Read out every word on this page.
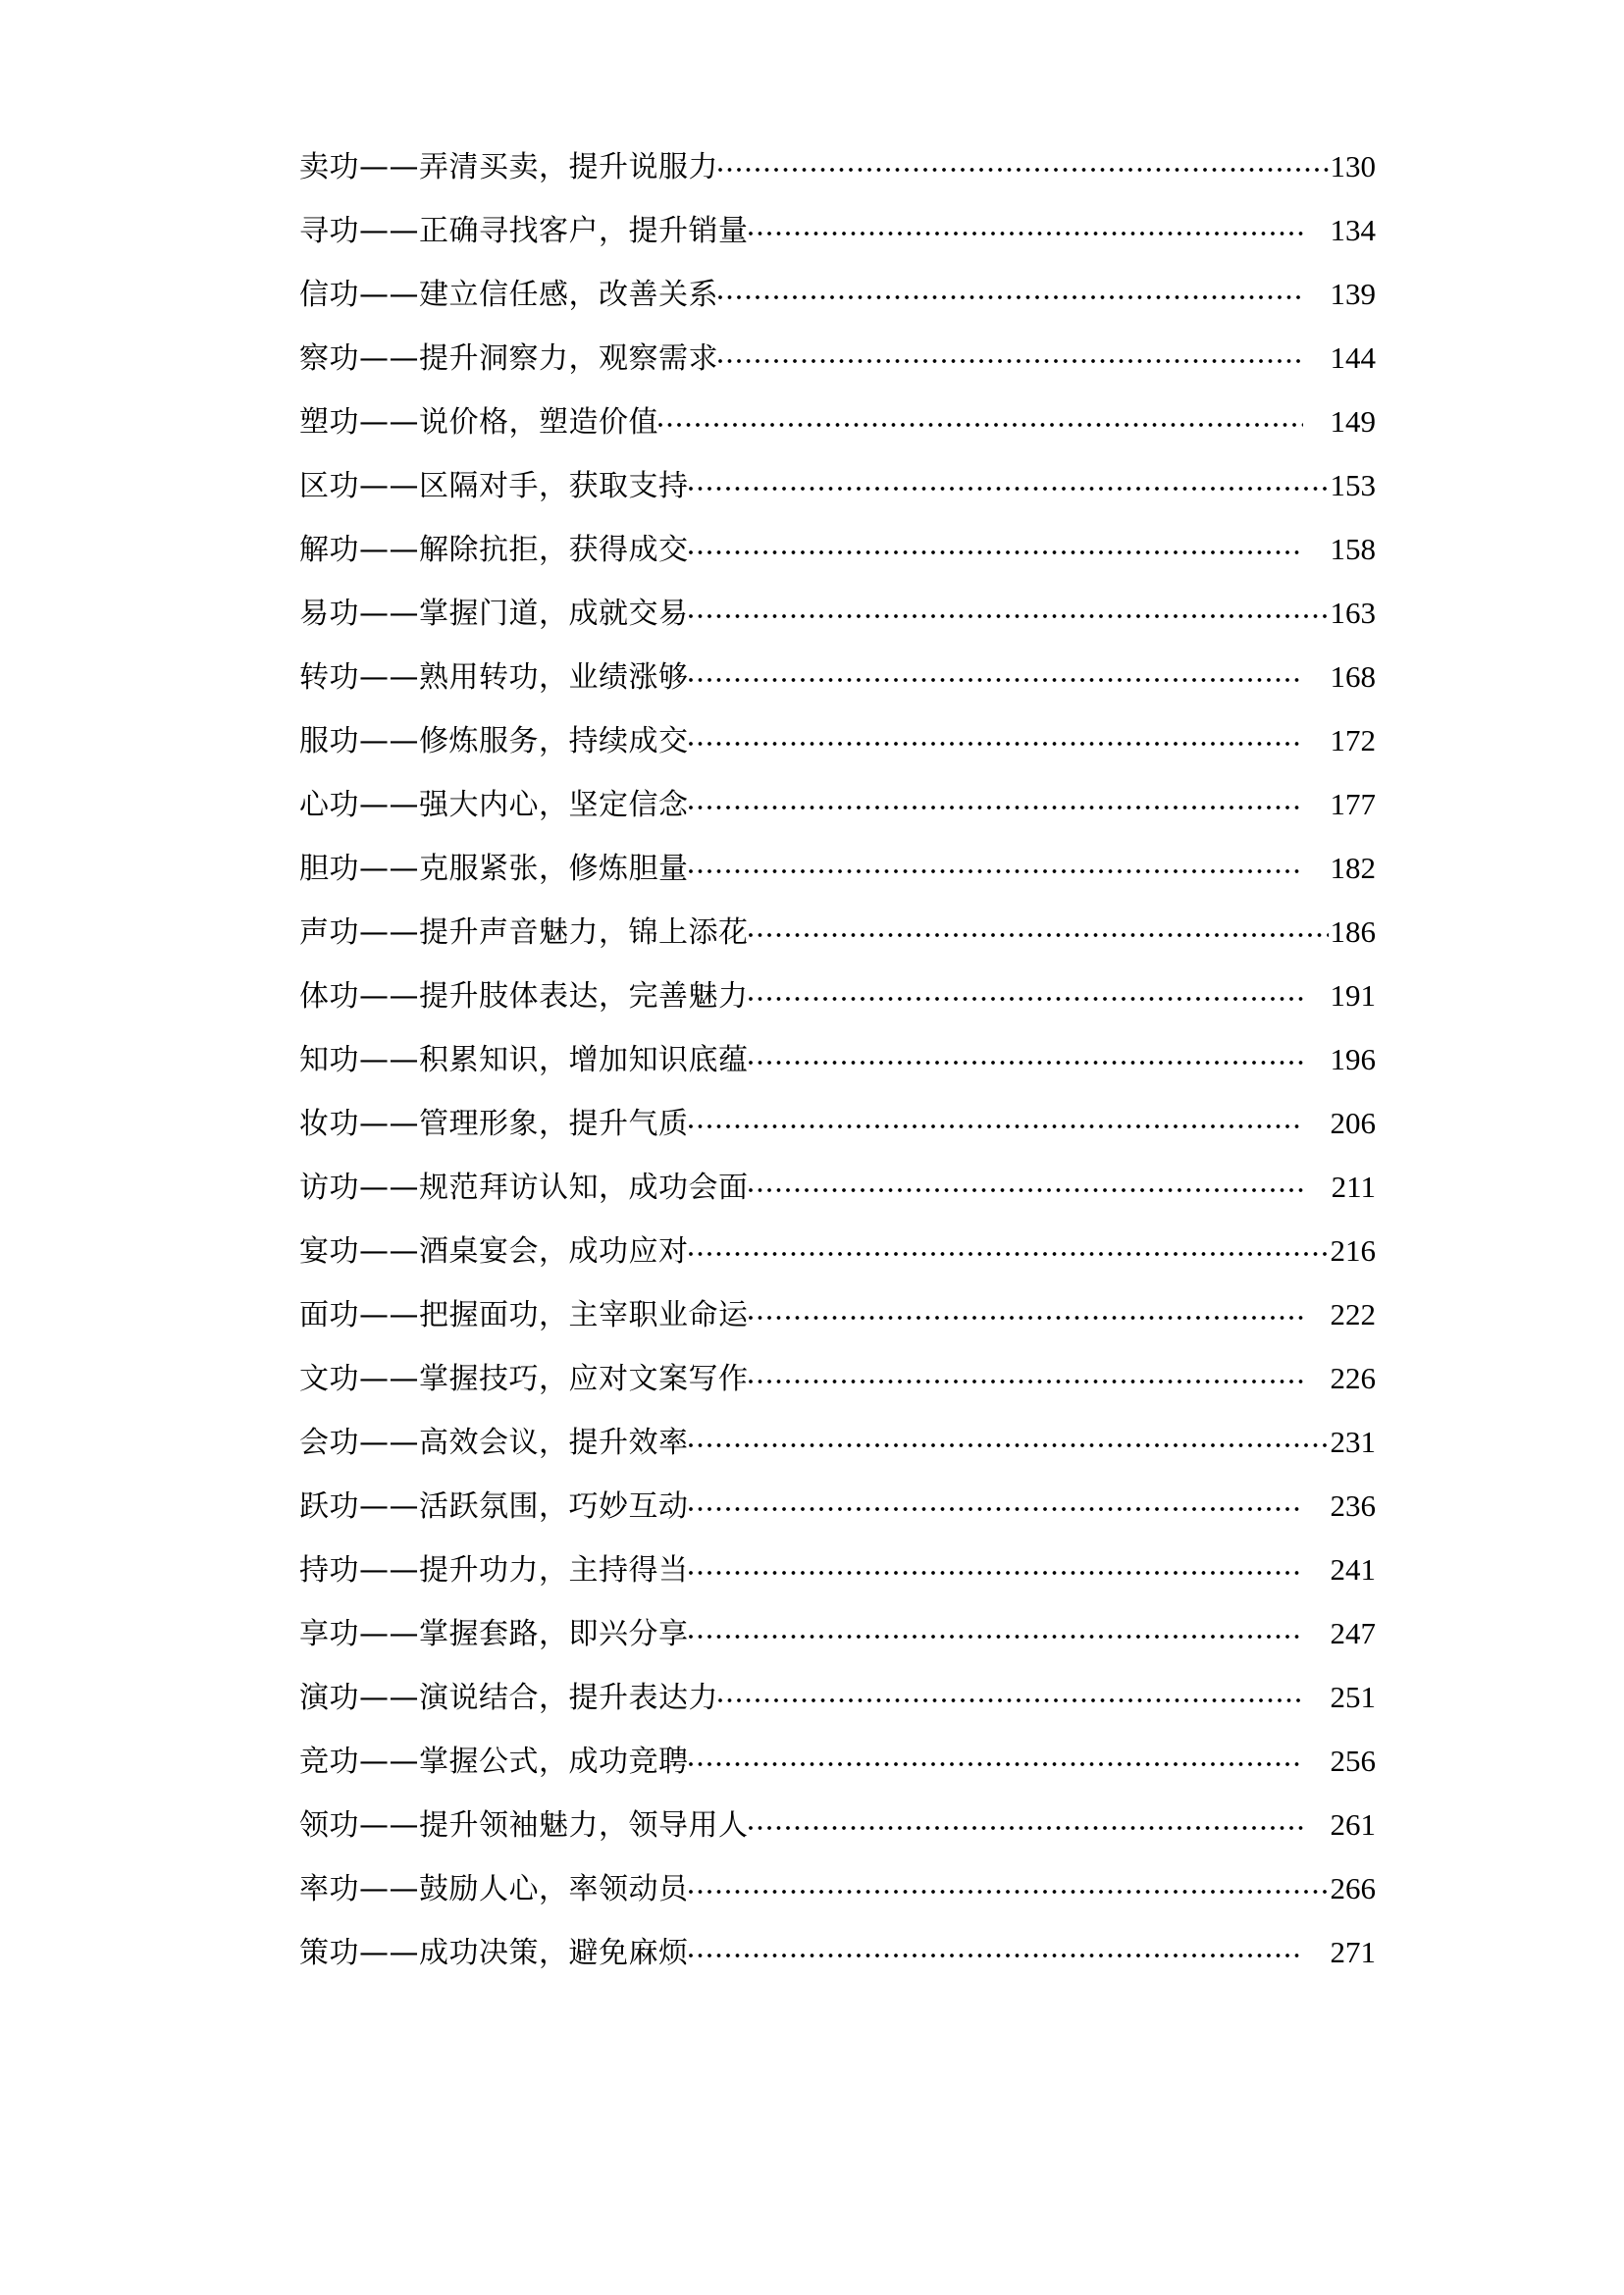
卖功——弄清买卖，提升说服力	130
寻功——正确寻找客户，提升销量	134
信功——建立信任感，改善关系	139
察功——提升洞察力，观察需求	144
塑功——说价格，塑造价值	149
区功——区隔对手，获取支持	153
解功——解除抗拒，获得成交	158
易功——掌握门道，成就交易	163
转功——熟用转功，业绩涨够	168
服功——修炼服务，持续成交	172
心功——强大内心，坚定信念	177
胆功——克服紧张，修炼胆量	182
声功——提升声音魅力，锦上添花	186
体功——提升肢体表达，完善魅力	191
知功——积累知识，增加知识底蕴	196
妆功——管理形象，提升气质	206
访功——规范拜访认知，成功会面	211
宴功——酒桌宴会，成功应对	216
面功——把握面功，主宰职业命运	222
文功——掌握技巧，应对文案写作	226
会功——高效会议，提升效率	231
跃功——活跃氛围，巧妙互动	236
持功——提升功力，主持得当	241
享功——掌握套路，即兴分享	247
演功——演说结合，提升表达力	251
竞功——掌握公式，成功竞聘	256
领功——提升领袖魅力，领导用人	261
率功——鼓励人心，率领动员	266
策功——成功决策，避免麻烦	271
